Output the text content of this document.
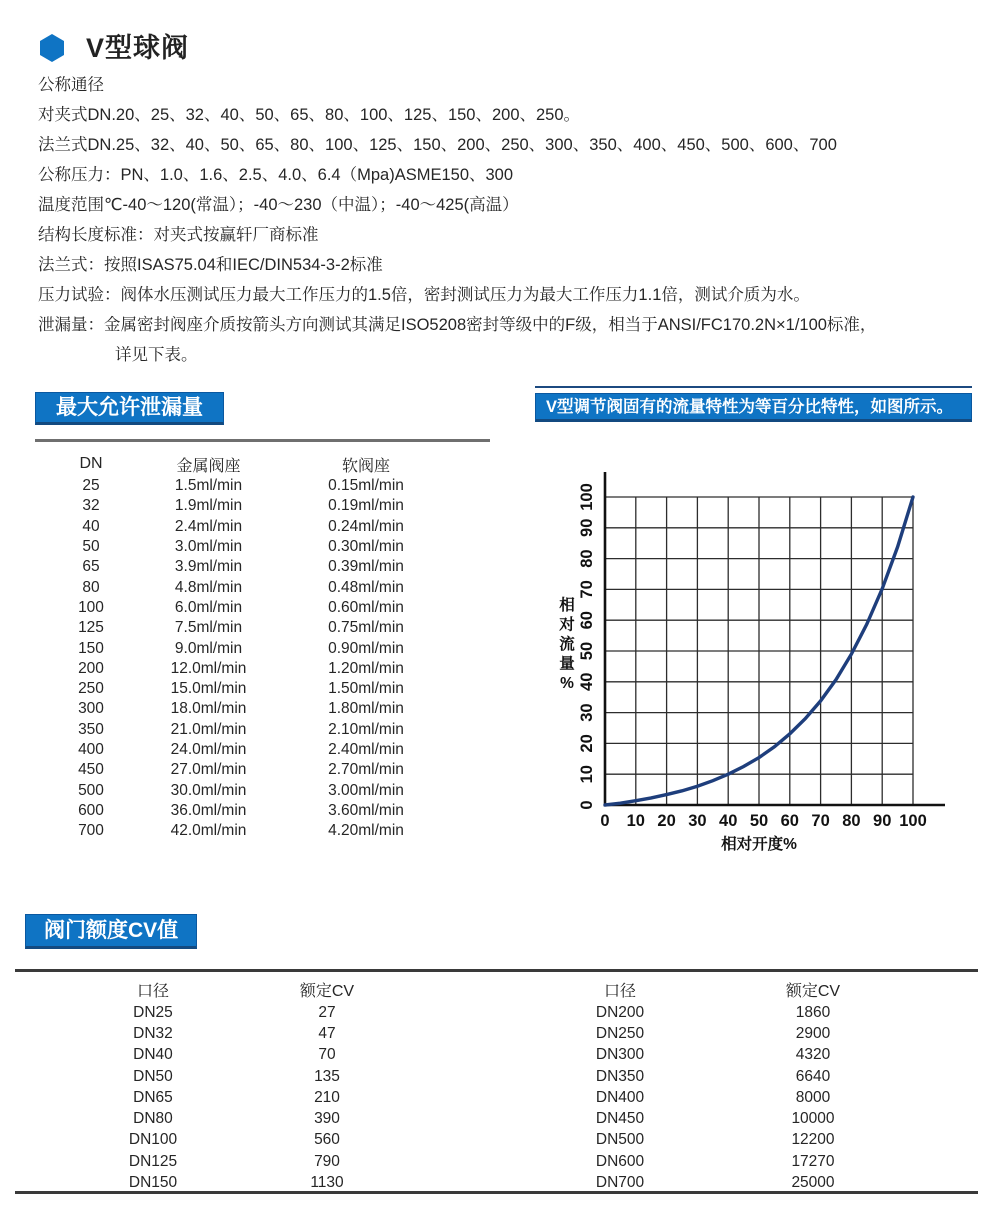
V型球阀

公称通径

对夹式DN.20、25、32、40、50、65、80、100、125、150、200、250。

法兰式DN.25、32、40、50、65、80、100、125、150、200、250、300、350、400、450、500、600、700

公称压力：PN、1.0、1.6、2.5、4.0、6.4（Mpa)ASME150、300

温度范围℃-40～120(常温）；-40～230（中温）；-40～425(高温）

结构长度标准：对夹式按赢轩厂商标准

法兰式：按照ISAS75.04和IEC/DIN534-3-2标准

压力试验：阀体水压测试压力最大工作压力的1.5倍，密封测试压力为最大工作压力1.1倍，测试介质为水。

泄漏量：金属密封阀座介质按箭头方向测试其满足ISO5208密封等级中的F级，相当于ANSI/FC170.2N×1/100标准，

详见下表。

最大允许泄漏量	V型调节阀固有的流量特性为等百分比特性，如图所示。
DN	金属阀座	软阀座
25	1.5ml/min	0.15ml/min
32	1.9ml/min	0.19ml/min
40	2.4ml/min	0.24ml/min
50	3.0ml/min	0.30ml/min
65	3.9ml/min	0.39ml/min
80	4.8ml/min	0.48ml/min
100	6.0ml/min	0.60ml/min
125	7.5ml/min	0.75ml/min
150	9.0ml/min	0.90ml/min
200	12.0ml/min	1.20ml/min
250	15.0ml/min	1.50ml/min
300	18.0ml/min	1.80ml/min
350	21.0ml/min	2.10ml/min
400	24.0ml/min	2.40ml/min
450	27.0ml/min	2.70ml/min
500	30.0ml/min	3.00ml/min
600	36.0ml/min	3.60ml/min
700	42.0ml/min	4.20ml/min
0 10 20 30 40 50 60 70 80 90 100
0
10
20
30
40
50
60
70
80
90
100
相对开度%
相
对
流
量
%
阀门额度CV值
口径	额定CV
DN25	27
DN32	47
DN40	70
DN50	135
DN65	210
DN80	390
DN100	560
DN125	790
DN150	1130
口径	额定CV
DN200	1860
DN250	2900
DN300	4320
DN350	6640
DN400	8000
DN450	10000
DN500	12200
DN600	17270
DN700	25000
